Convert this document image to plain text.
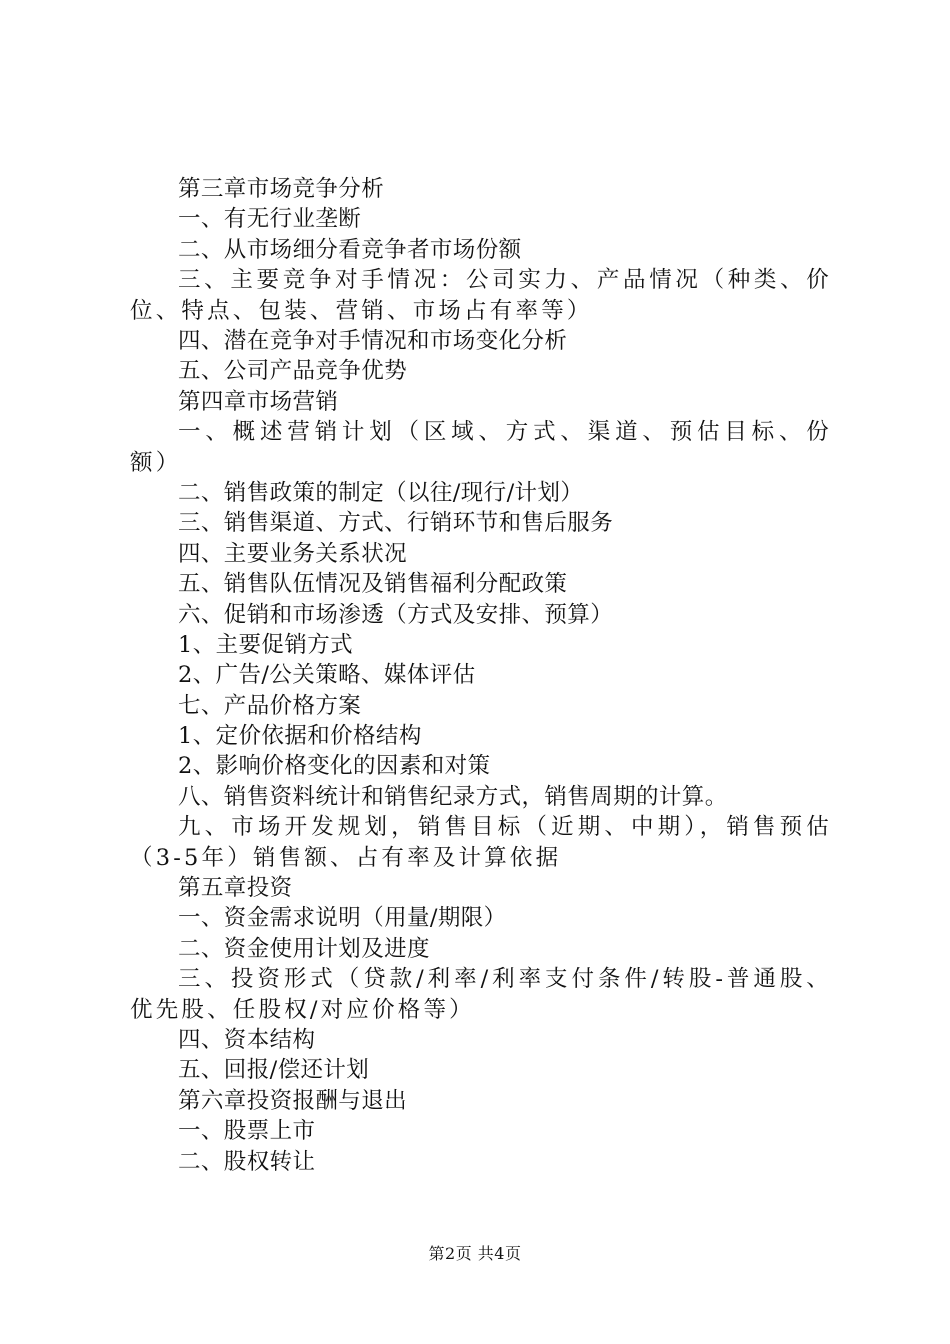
第三章市场竞争分析
一、有无行业垄断
二、从市场细分看竞争者市场份额
三、主要竞争对手情况：公司实力、产品情况（种类、价位、特点、包装、营销、市场占有率等）
四、潜在竞争对手情况和市场变化分析
五、公司产品竞争优势
第四章市场营销
一、概述营销计划（区域、方式、渠道、预估目标、份额）
二、销售政策的制定（以往/现行/计划）
三、销售渠道、方式、行销环节和售后服务
四、主要业务关系状况
五、销售队伍情况及销售福利分配政策
六、促销和市场渗透（方式及安排、预算）
1、主要促销方式
2、广告/公关策略、媒体评估
七、产品价格方案
1、定价依据和价格结构
2、影响价格变化的因素和对策
八、销售资料统计和销售纪录方式，销售周期的计算。
九、市场开发规划，销售目标（近期、中期），销售预估（3-5年）销售额、占有率及计算依据
第五章投资
一、资金需求说明（用量/期限）
二、资金使用计划及进度
三、投资形式（贷款/利率/利率支付条件/转股-普通股、优先股、任股权/对应价格等）
四、资本结构
五、回报/偿还计划
第六章投资报酬与退出
一、股票上市
二、股权转让
第2页 共4页
